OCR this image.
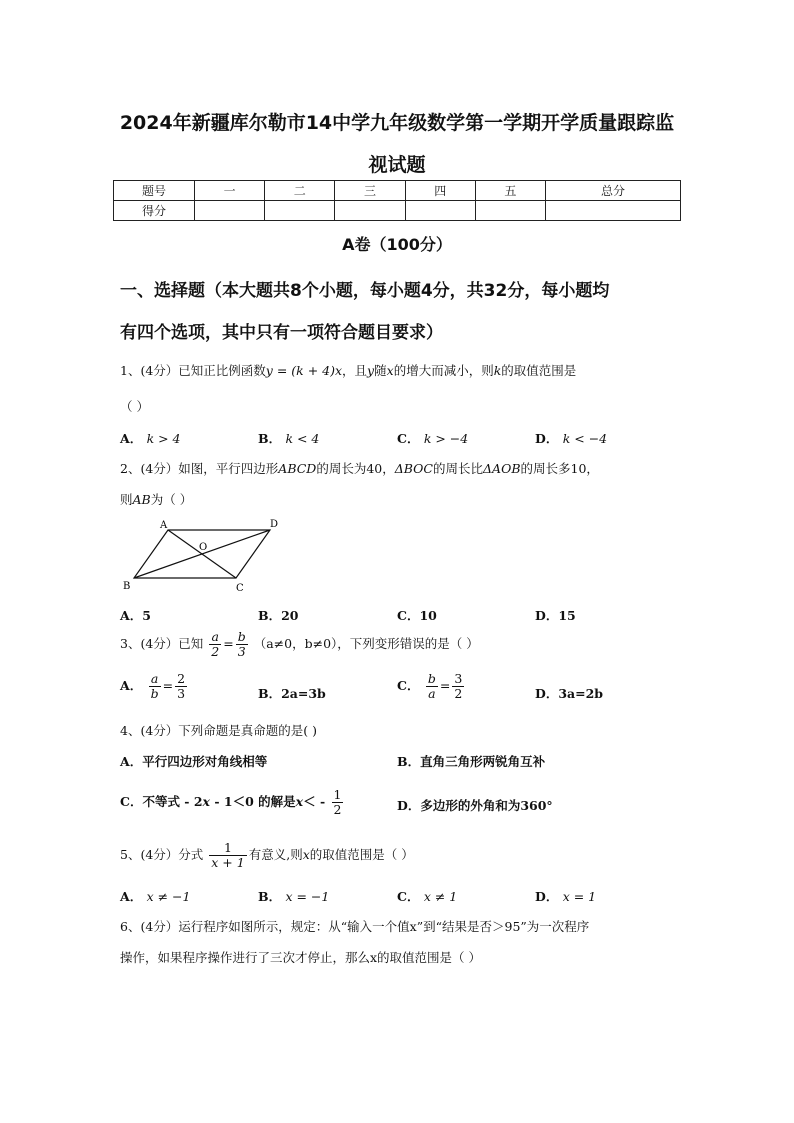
2024年新疆库尔勒市14中学九年级数学第一学期开学质量跟踪监
视试题
题号	一	二	三	四	五	总分
得分						
A卷（100分）
一、选择题（本大题共8个小题，每小题4分，共32分，每小题均
有四个选项，其中只有一项符合题目要求）
1、(4分）已知正比例函数y = (k + 4)x，且y随x的增大而减小，则k的取值范围是
（ ）
A． k > 4	B． k < 4	C． k > −4	D． k < −4
2、(4分）如图，平行四边形ABCD的周长为40，ΔBOC的周长比ΔAOB的周长多10，
则AB为（ ）
A	D
B	C
O
A．5	B．20	C．10	D．15
3、(4分）已知 $\frac{a}{2} = \frac{b}{3} (a\ne 0$，b≠0），下列变形错误的是（ ）
A． $\frac{a}{b} = \frac{2}{3}$	B．2a=3b
C． $\frac{b}{a} = \frac{3}{2}$	D．3a=2b
4、(4分）下列命题是真命题的是( )
A．平行四边形对角线相等	B．直角三角形两锐角互补
C．不等式 - 2x - 1＜0 的解是$x< - \frac{1}{2}$	D．多边形的外角和为360°
5、(4分）分式 $\frac{1}{x + 1}$ 有意义,则x的取值范围是（ ）
A． x ≠ −1	B． x = −1	C． x ≠ 1	D． x = 1
6、(4分）运行程序如图所示，规定：从“输入一个值x”到“结果是否＞95”为一次程序
操作，如果程序操作进行了三次才停止，那么x的取值范围是（ ）
